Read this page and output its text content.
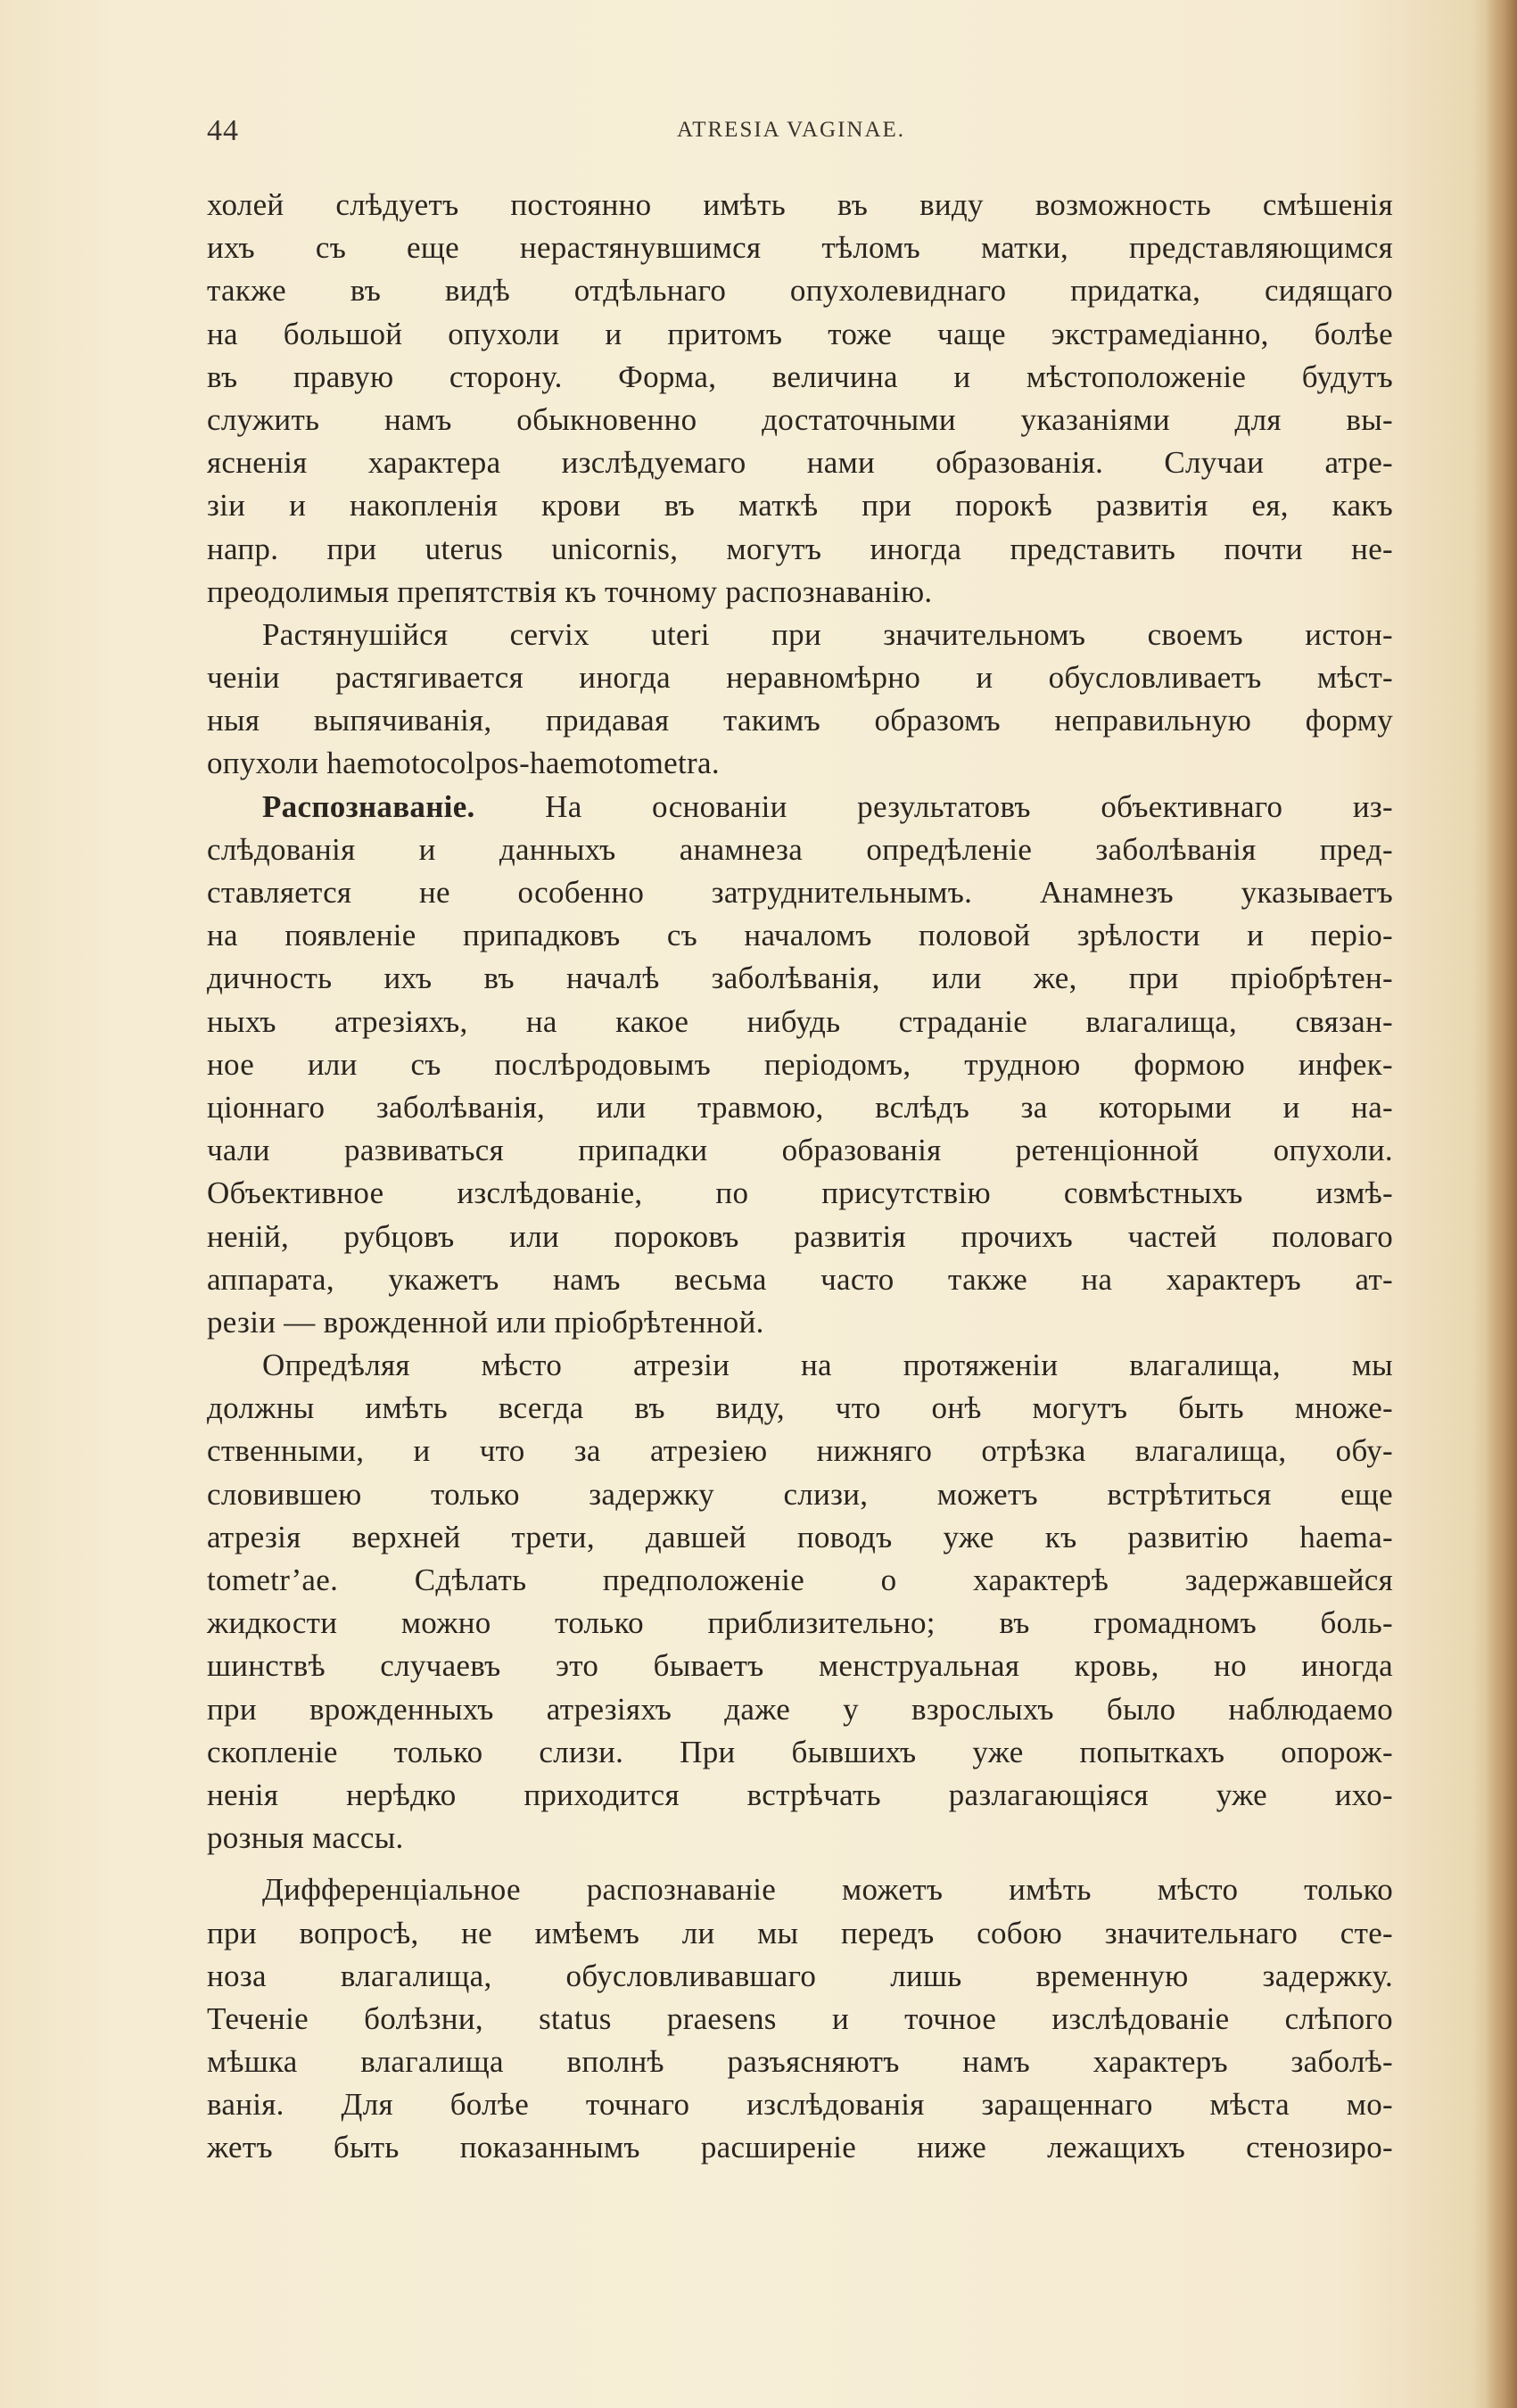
44	ATRESIA VAGINAE.
холей слѣдуетъ постоянно имѣть въ виду возможность смѣшенія
ихъ съ еще нерастянувшимся тѣломъ матки, представляющимся
также въ видѣ отдѣльнаго опухолевиднаго придатка, сидящаго
на большой опухоли и притомъ тоже чаще экстрамедіанно, болѣе
въ правую сторону. Форма, величина и мѣстоположеніе будутъ
служить намъ обыкновенно достаточными указаніями для вы-
ясненія характера изслѣдуемаго нами образованія. Случаи атре-
зіи и накопленія крови въ маткѣ при порокѣ развитія ея, какъ
напр. при uterus unicornis, могутъ иногда представить почти не-
преодолимыя препятствія къ точному распознаванію.
Растянушійся cervix uteri при значительномъ своемъ истон-
ченіи растягивается иногда неравномѣрно и обусловливаетъ мѣст-
ныя выпячиванія, придавая такимъ образомъ неправильную форму
опухоли haemotocolpos-haemotometra.
Распознаваніе. На основаніи результатовъ объективнаго из-
слѣдованія и данныхъ анамнеза опредѣленіе заболѣванія пред-
ставляется не особенно затруднительнымъ. Анамнезъ указываетъ
на появленіе припадковъ съ началомъ половой зрѣлости и періо-
дичность ихъ въ началѣ заболѣванія, или же, при пріобрѣтен-
ныхъ атрезіяхъ, на какое нибудь страданіе влагалища, связан-
ное или съ послѣродовымъ періодомъ, трудною формою инфек-
ціоннаго заболѣванія, или травмою, вслѣдъ за которыми и на-
чали развиваться припадки образованія ретенціонной опухоли.
Объективное изслѣдованіе, по присутствію совмѣстныхъ измѣ-
неній, рубцовъ или пороковъ развитія прочихъ частей половаго
аппарата, укажетъ намъ весьма часто также на характеръ ат-
резіи — врожденной или пріобрѣтенной.
Опредѣляя мѣсто атрезіи на протяженіи влагалища, мы
должны имѣть всегда въ виду, что онѣ могутъ быть множе-
ственными, и что за атрезіею нижняго отрѣзка влагалища, обу-
словившею только задержку слизи, можетъ встрѣтиться еще
атрезія верхней трети, давшей поводъ уже къ развитію haema-
tometr’ae. Сдѣлать предположеніе о характерѣ задержавшейся
жидкости можно только приблизительно; въ громадномъ боль-
шинствѣ случаевъ это бываетъ менструальная кровь, но иногда
при врожденныхъ атрезіяхъ даже у взрослыхъ было наблюдаемо
скопленіе только слизи. При бывшихъ уже попыткахъ опорож-
ненія нерѣдко приходится встрѣчать разлагающіяся уже ихо-
розныя массы.
Дифференціальное распознаваніе можетъ имѣть мѣсто только
при вопросѣ, не имѣемъ ли мы передъ собою значительнаго сте-
ноза влагалища, обусловливавшаго лишь временную задержку.
Теченіе болѣзни, status praesens и точное изслѣдованіе слѣпого
мѣшка влагалища вполнѣ разъясняютъ намъ характеръ заболѣ-
ванія. Для болѣе точнаго изслѣдованія заращеннаго мѣста мо-
жетъ быть показаннымъ расширеніе ниже лежащихъ стенозиро-
